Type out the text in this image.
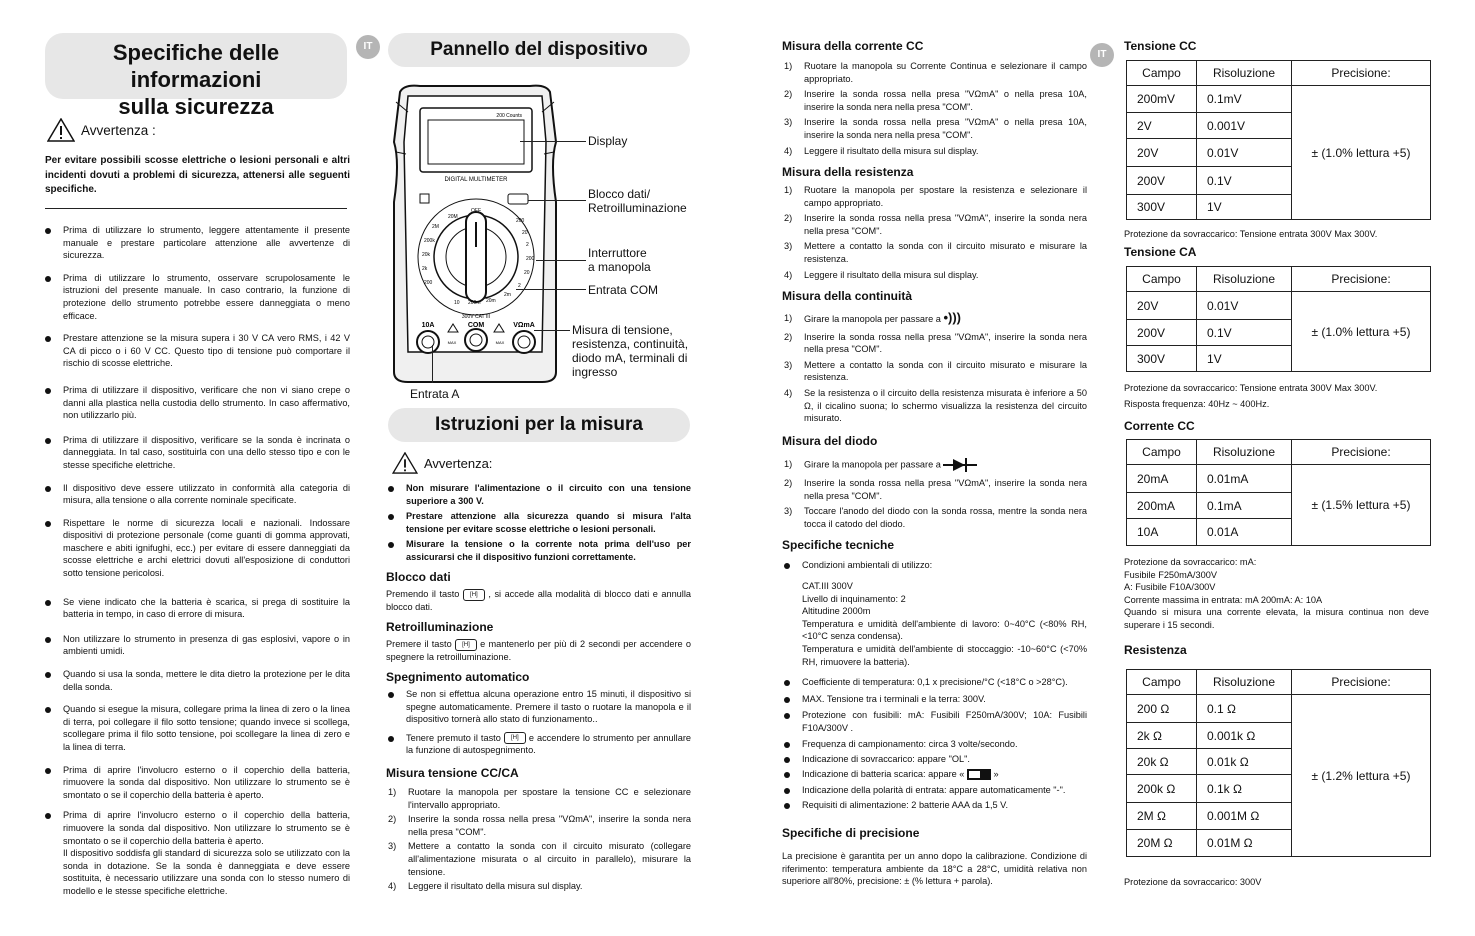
Specifiche delle informazioni
sulla sicurezza
Avvertenza :

Per evitare possibili scosse elettriche o lesioni personali e altri incidenti dovuti a problemi di sicurezza, attenersi alle seguenti specifiche.

Prima di utilizzare lo strumento, leggere attentamente il presente manuale e prestare particolare attenzione alle avvertenze di sicurezza.
Prima di utilizzare lo strumento, osservare scrupolosamente le istruzioni del presente manuale. In caso contrario, la funzione di protezione dello strumento potrebbe essere danneggiata o meno efficace.
Prestare attenzione se la misura supera i 30 V CA vero RMS, i 42 V CA di picco o i 60 V CC. Questo tipo di tensione può comportare il rischio di scosse elettriche.
Prima di utilizzare il dispositivo, verificare che non vi siano crepe o danni alla plastica nella custodia dello strumento. In caso affermativo, non utilizzarlo più.
Prima di utilizzare il dispositivo, verificare se la sonda è incrinata o danneggiata. In tal caso, sostituirla con una dello stesso tipo e con le stesse specifiche elettriche.
Il dispositivo deve essere utilizzato in conformità alla categoria di misura, alla tensione o alla corrente nominale specificate.
Rispettare le norme di sicurezza locali e nazionali. Indossare dispositivi di protezione personale (come guanti di gomma approvati, maschere e abiti ignifughi, ecc.) per evitare di essere danneggiati da scosse elettriche e archi elettrici dovuti all'esposizione di conduttori sotto tensione pericolosi.
Se viene indicato che la batteria è scarica, si prega di sostituire la batteria in tempo, in caso di errore di misura.
Non utilizzare lo strumento in presenza di gas esplosivi, vapore o in ambienti umidi.
Quando si usa la sonda, mettere le dita dietro la protezione per le dita della sonda.
Quando si esegue la misura, collegare prima la linea di zero o la linea di terra, poi collegare il filo sotto tensione; quando invece si scollega, scollegare prima il filo sotto tensione, poi scollegare la linea di zero e la linea di terra.
Prima di aprire l'involucro esterno o il coperchio della batteria, rimuovere la sonda dal dispositivo. Non utilizzare lo strumento se è smontato o se il coperchio della batteria è aperto.
Prima di aprire l'involucro esterno o il coperchio della batteria, rimuovere la sonda dal dispositivo. Non utilizzare lo strumento se è smontato o se il coperchio della batteria è aperto.
Il dispositivo soddisfa gli standard di sicurezza solo se utilizzato con la sonda in dotazione. Se la sonda è danneggiata e deve essere sostituita, è necessario utilizzare una sonda con lo stesso numero di modello e le stesse specifiche elettriche.
IT
IT
Pannello del dispositivo
200 Counts
DIGITAL MULTIMETER
OFF
200
20
2
200
20
2
20M
2M
200k
20k
2k
200
10 200m 20m
2m
300V CAT III
10A	COM	VΩmA
MAX	MAX
Display
Blocco dati/
Retroilluminazione
Interruttore
a manopola
Entrata COM
Misura di tensione,
resistenza, continuità,
diodo mA, terminali di
ingresso
Entrata A
Istruzioni per la misura
Avvertenza:
Non misurare l'alimentazione o il circuito con una tensione superiore a 300 V.
Prestare attenzione alla sicurezza quando si misura l'alta tensione per evitare scosse elettriche o lesioni personali.
Misurare la tensione o la corrente nota prima dell'uso per assicurarsi che il dispositivo funzioni correttamente.
Blocco dati

Premendo il tasto [H] , si accede alla modalità di blocco dati e annulla blocco dati.

Retroilluminazione

Premere il tasto [H] e mantenerlo per più di 2 secondi per accendere o spegnere la retroilluminazione.

Spegnimento automatico
Se non si effettua alcuna operazione entro 15 minuti, il dispositivo si spegne automaticamente. Premere il tasto o ruotare la manopola e il dispositivo tornerà allo stato di funzionamento..
Tenere premuto il tasto [H] e accendere lo strumento per annullare la funzione di autospegnimento.
Misura tensione CC/CA
1) Ruotare la manopola per spostare la tensione CC e selezionare l'intervallo appropriato.
2) Inserire la sonda rossa nella presa "VΩmA", inserire la sonda nera nella presa "COM".
3) Mettere a contatto la sonda con il circuito misurato (collegare all'alimentazione misurata o al circuito in parallelo), misurare la tensione.
4) Leggere il risultato della misura sul display.
Misura della corrente CC
1) Ruotare la manopola su Corrente Continua e selezionare il campo appropriato.
2) Inserire la sonda rossa nella presa "VΩmA" o nella presa 10A, inserire la sonda nera nella presa "COM".
3) Inserire la sonda rossa nella presa "VΩmA" o nella presa 10A, inserire la sonda nera nella presa "COM".
4) Leggere il risultato della misura sul display.
Misura della resistenza
1) Ruotare la manopola per spostare la resistenza e selezionare il campo appropriato.
2) Inserire la sonda rossa nella presa "VΩmA", inserire la sonda nera nella presa "COM".
3) Mettere a contatto la sonda con il circuito misurato e misurare la resistenza.
4) Leggere il risultato della misura sul display.
Misura della continuità
1) Girare la manopola per passare a •)))
2) Inserire la sonda rossa nella presa "VΩmA", inserire la sonda nera nella presa "COM".
3) Mettere a contatto la sonda con il circuito misurato e misurare la resistenza.
4) Se la resistenza o il circuito della resistenza misurata è inferiore a 50 Ω, il cicalino suona; lo schermo visualizza la resistenza del circuito misurato.
Misura del diodo
1) Girare la manopola per passare a
2) Inserire la sonda rossa nella presa "VΩmA", inserire la sonda nera nella presa "COM".
3) Toccare l'anodo del diodo con la sonda rossa, mentre la sonda nera tocca il catodo del diodo.
Specifiche tecniche
Condizioni ambientali di utilizzo:
CAT.III 300V
Livello di inquinamento: 2
Altitudine 2000m
Temperatura e umidità dell'ambiente di lavoro: 0~40°C (<80% RH, <10°C senza condensa).
Temperatura e umidità dell'ambiente di stoccaggio: -10~60°C (<70% RH, rimuovere la batteria).
Coefficiente di temperatura: 0,1 x precisione/°C (<18°C o >28°C).
MAX. Tensione tra i terminali e la terra: 300V.
Protezione con fusibili: mA: Fusibili F250mA/300V; 10A: Fusibili F10A/300V .
Frequenza di campionamento: circa 3 volte/secondo.
Indicazione di sovraccarico: appare "OL".
Indicazione di batteria scarica: appare «	»
Indicazione della polarità di entrata: appare automaticamente "-".
Requisiti di alimentazione: 2 batterie AAA da 1,5 V.
Specifiche di precisione

La precisione è garantita per un anno dopo la calibrazione. Condizione di riferimento: temperatura ambiente da 18°C a 28°C, umidità relativa non superiore all'80%, precisione: ± (% lettura + parola).

Tensione CC
Campo	Risoluzione	Precisione:
200mV	0.1mV	± (1.0% lettura +5)
2V	0.001V	
20V	0.01V	
200V	0.1V	
300V	1V	
Protezione da sovraccarico: Tensione entrata 300V Max 300V.
Tensione CA
Campo	Risoluzione	Precisione:
20V	0.01V	± (1.0% lettura +5)
200V	0.1V	
300V	1V	
Protezione da sovraccarico: Tensione entrata 300V Max 300V.
Risposta frequenza: 40Hz ~ 400Hz.
Corrente CC
Campo	Risoluzione	Precisione:
20mA	0.01mA	± (1.5% lettura +5)
200mA	0.1mA	
10A	0.01A	
Protezione da sovraccarico: mA:
Fusibile F250mA/300V
A: Fusibile F10A/300V
Corrente massima in entrata: mA 200mA: A: 10A
Quando si misura una corrente elevata, la misura continua non deve superare i 15 secondi.
Resistenza
Campo	Risoluzione	Precisione:
200 Ω	0.1 Ω	± (1.2% lettura +5)
2k Ω	0.001k Ω	
20k Ω	0.01k Ω	
200k Ω	0.1k Ω	
2M Ω	0.001M Ω	
20M Ω	0.01M Ω	
Protezione da sovraccarico: 300V
